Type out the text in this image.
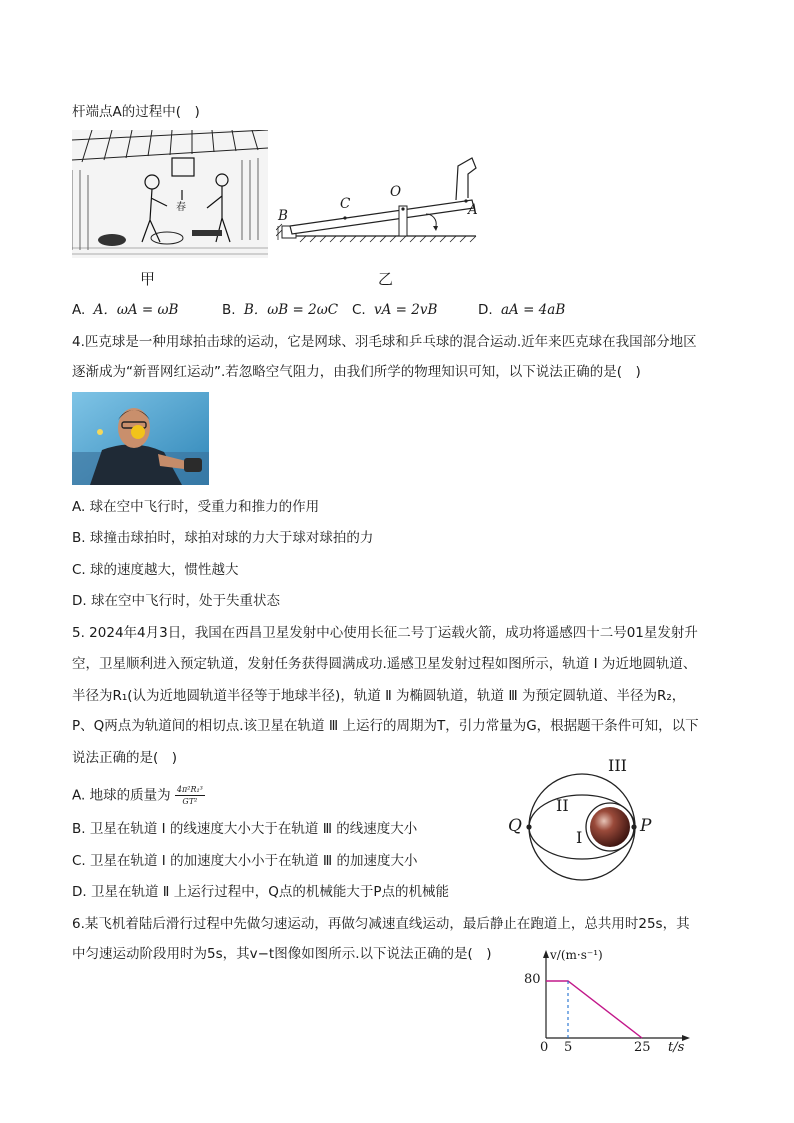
杆端点A的过程中(　)
春
甲
B
C
O
A
乙
A. A．ωA = ωB	B. B．ωB = 2ωC C. vA = 2vB	D. aA = 4aB
4.匹克球是一种用球拍击球的运动，它是网球、羽毛球和乒乓球的混合运动.近年来匹克球在我国部分地区
逐渐成为“新晋网红运动”.若忽略空气阻力，由我们所学的物理知识可知，以下说法正确的是(　)
A. 球在空中飞行时，受重力和推力的作用
B. 球撞击球拍时，球拍对球的力大于球对球拍的力
C. 球的速度越大，惯性越大
D. 球在空中飞行时，处于失重状态
5. 2024年4月3日，我国在西昌卫星发射中心使用长征二号丁运载火箭，成功将遥感四十二号01星发射升
空，卫星顺利进入预定轨道，发射任务获得圆满成功.遥感卫星发射过程如图所示，轨道 I 为近地圆轨道、
半径为R₁(认为近地圆轨道半径等于地球半径)，轨道 Ⅱ 为椭圆轨道，轨道 Ⅲ 为预定圆轨道、半径为R₂，
P、Q两点为轨道间的相切点.该卫星在轨道 Ⅲ 上运行的周期为T，引力常量为G，根据题干条件可知，以下
说法正确的是(　)
A. 地球的质量为 $\frac{\text{4π²R₁³}}{\text{GT²}}$
B. 卫星在轨道 I 的线速度大小大于在轨道 Ⅲ 的线速度大小
C. 卫星在轨道 I 的加速度大小小于在轨道 Ⅲ 的加速度大小
D. 卫星在轨道 Ⅱ 上运行过程中，Q点的机械能大于P点的机械能
III
II
I
Q	P
6.某飞机着陆后滑行过程中先做匀速运动，再做匀减速直线运动，最后静止在跑道上，总共用时25s，其
中匀速运动阶段用时为5s，其v−t图像如图所示.以下说法正确的是(　)	v/(m·s⁻¹)
80
0 5	25 t/s
